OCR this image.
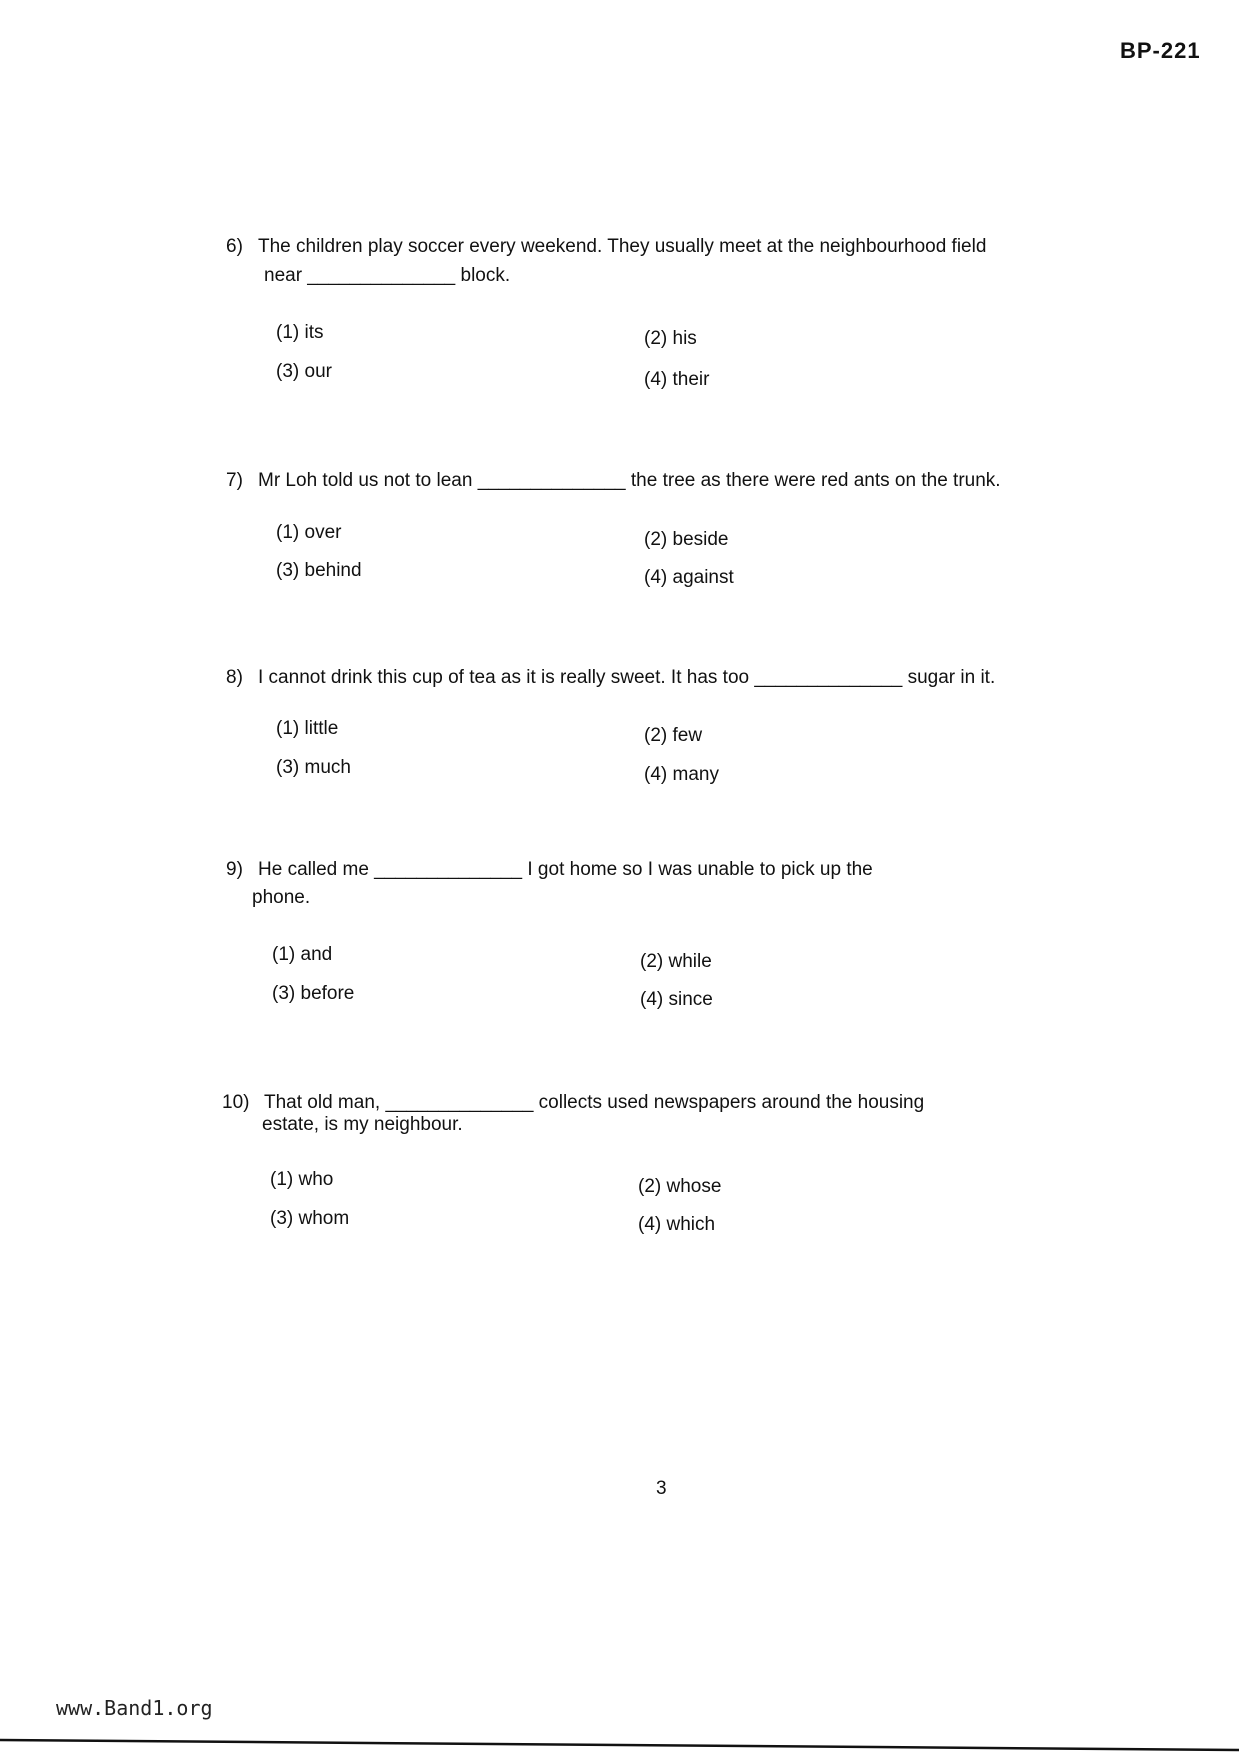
BP-221
6) The children play soccer every weekend. They usually meet at the neighbourhood field
near ______________ block.
(1) its	(2) his
(3) our	(4) their
7) Mr Loh told us not to lean ______________ the tree as there were red ants on the trunk.
(1) over	(2) beside
(3) behind	(4) against
8) I cannot drink this cup of tea as it is really sweet. It has too ______________ sugar in it.
(1) little	(2) few
(3) much	(4) many
9) He called me ______________ I got home so I was unable to pick up the
phone.
(1) and	(2) while
(3) before	(4) since
10) That old man, ______________ collects used newspapers around the housing
estate, is my neighbour.
(1) who	(2) whose
(3) whom	(4) which
3
www.Band1.org
